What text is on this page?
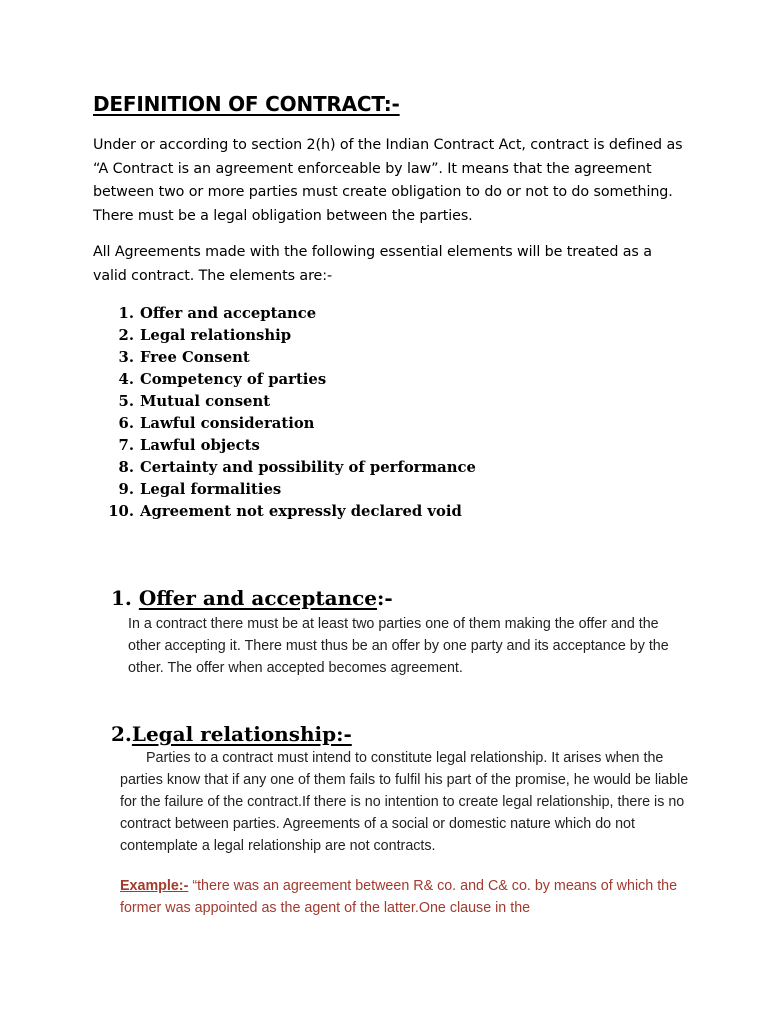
DEFINITION OF CONTRACT:-

Under or according to section 2(h) of the Indian Contract Act, contract is defined as “A Contract is an agreement enforceable by law”. It means that the agreement between two or more parties must create obligation to do or not to do something. There must be a legal obligation between the parties.

All Agreements made with the following essential elements will be treated as a valid contract. The elements are:-

1. Offer and acceptance
2. Legal relationship
3. Free Consent
4. Competency of parties
5. Mutual consent
6. Lawful consideration
7. Lawful objects
8. Certainty and possibility of performance
9. Legal formalities
10. Agreement not expressly declared void
1. Offer and acceptance:-

In a contract there must be at least two parties one of them making the offer and the other accepting it. There must thus be an offer by one party and its acceptance by the other. The offer when accepted becomes agreement.

2.Legal relationship:-

Parties to a contract must intend to constitute legal relationship. It arises when the parties know that if any one of them fails to fulfil his part of the promise, he would be liable for the failure of the contract.If there is no intention to create legal relationship, there is no contract between parties. Agreements of a social or domestic nature which do not contemplate a legal relationship are not contracts.

Example:- “there was an agreement between R& co. and C& co. by means of which the former was appointed as the agent of the latter.One clause in the
